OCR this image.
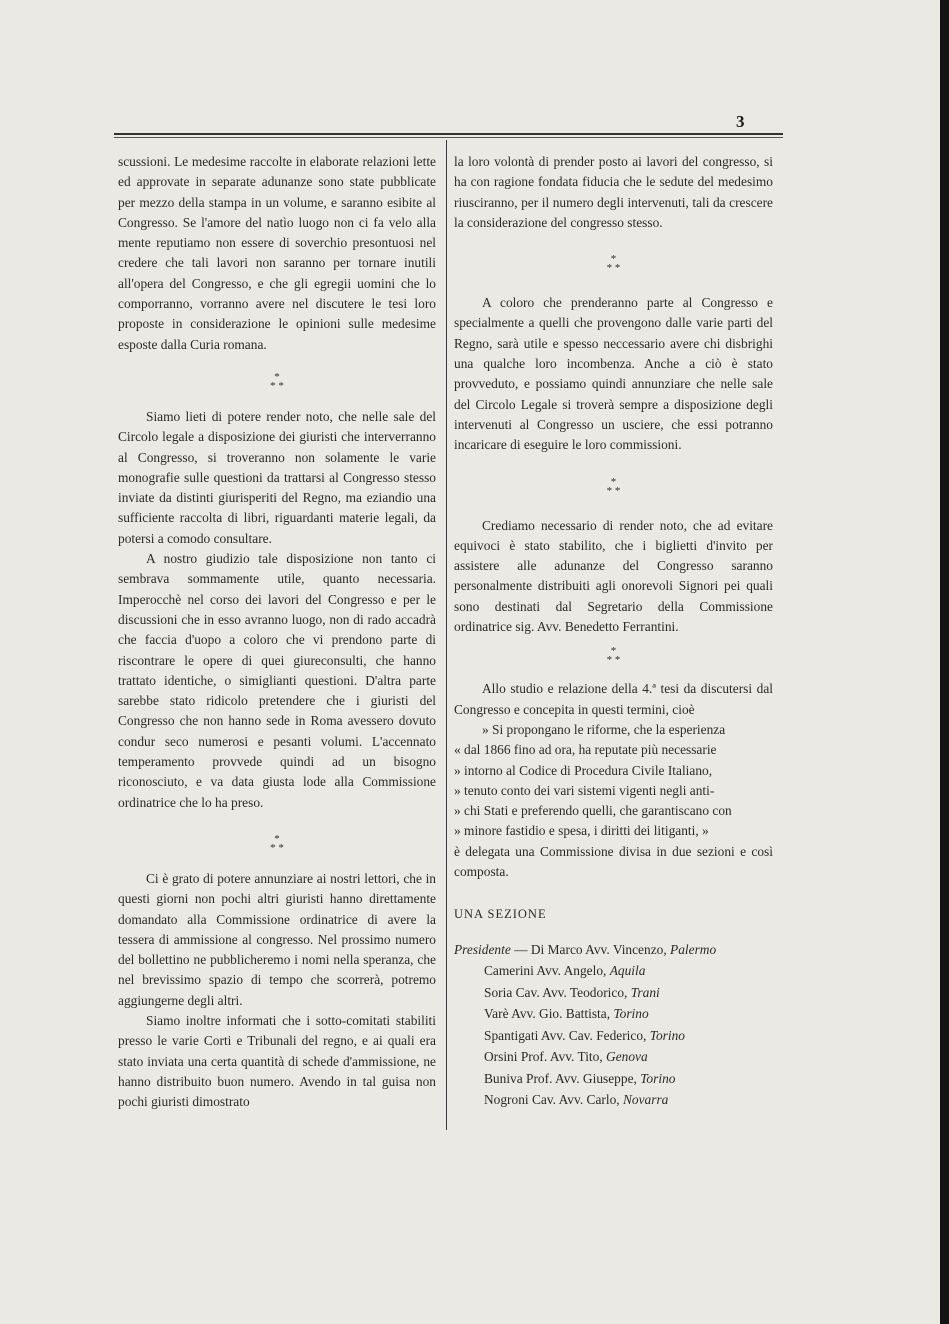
3

scussioni. Le medesime raccolte in elaborate relazioni lette ed approvate in separate adunanze sono state pubblicate per mezzo della stampa in un volume, e saranno esibite al Congresso. Se l'amore del natìo luogo non ci fa velo alla mente reputiamo non essere di soverchio presontuosi nel credere che tali lavori non saranno per tornare inutili all'opera del Congresso, e che gli egregii uomini che lo comporranno, vorranno avere nel discutere le tesi loro proposte in considerazione le opinioni sulle medesime esposte dalla Curia romana.

*
* *

Siamo lieti di potere render noto, che nelle sale del Circolo legale a disposizione dei giuristi che interverranno al Congresso, si troveranno non solamente le varie monografie sulle questioni da trattarsi al Congresso stesso inviate da distinti giurisperiti del Regno, ma eziandio una sufficiente raccolta di libri, riguardanti materie legali, da potersi a comodo consultare.

A nostro giudizio tale disposizione non tanto ci sembrava sommamente utile, quanto necessaria. Imperocchè nel corso dei lavori del Congresso e per le discussioni che in esso avranno luogo, non di rado accadrà che faccia d'uopo a coloro che vi prendono parte di riscontrare le opere di quei giureconsulti, che hanno trattato identiche, o simiglianti questioni. D'altra parte sarebbe stato ridicolo pretendere che i giuristi del Congresso che non hanno sede in Roma avessero dovuto condur seco numerosi e pesanti volumi. L'accennato temperamento provvede quindi ad un bisogno riconosciuto, e va data giusta lode alla Commissione ordinatrice che lo ha preso.

*
* *

Ci è grato di potere annunziare ai nostri lettori, che in questi giorni non pochi altri giuristi hanno direttamente domandato alla Commissione ordinatrice di avere la tessera di ammissione al congresso. Nel prossimo numero del bollettino ne pubblicheremo i nomi nella speranza, che nel brevissimo spazio di tempo che scorrerà, potremo aggiungerne degli altri.

Siamo inoltre informati che i sotto-comitati stabiliti presso le varie Corti e Tribunali del regno, e ai quali era stato inviata una certa quantità di schede d'ammissione, ne hanno distribuito buon numero. Avendo in tal guisa non pochi giuristi dimostrato

la loro volontà di prender posto ai lavori del congresso, si ha con ragione fondata fiducia che le sedute del medesimo riusciranno, per il numero degli intervenuti, tali da crescere la considerazione del congresso stesso.

*
* *

A coloro che prenderanno parte al Congresso e specialmente a quelli che provengono dalle varie parti del Regno, sarà utile e spesso neccessario avere chi disbrighi una qualche loro incombenza. Anche a ciò è stato provveduto, e possiamo quindi annunziare che nelle sale del Circolo Legale si troverà sempre a disposizione degli intervenuti al Congresso un usciere, che essi potranno incaricare di eseguire le loro commissioni.

*
* *

Crediamo necessario di render noto, che ad evitare equivoci è stato stabilito, che i biglietti d'invito per assistere alle adunanze del Congresso saranno personalmente distribuiti agli onorevoli Signori pei quali sono destinati dal Segretario della Commissione ordinatrice sig. Avv. Benedetto Ferrantini.

*
* *

Allo studio e relazione della 4.ª tesi da discutersi dal Congresso e concepita in questi termini, cioè

» Si propongano le riforme, che la esperienza

« dal 1866 fino ad ora, ha reputate più necessarie

» intorno al Codice di Procedura Civile Italiano,

» tenuto conto dei vari sistemi vigenti negli anti-

» chi Stati e preferendo quelli, che garantiscano con

» minore fastidio e spesa, i diritti dei litiganti, »

è delegata una Commissione divisa in due sezioni e così composta.

UNA SEZIONE

Presidente — Di Marco Avv. Vincenzo, Palermo

Camerini Avv. Angelo, Aquila

Soria Cav. Avv. Teodorico, Trani

Varè Avv. Gio. Battista, Torino

Spantigati Avv. Cav. Federico, Torino

Orsini Prof. Avv. Tito, Genova

Buniva Prof. Avv. Giuseppe, Torino

Nogroni Cav. Avv. Carlo, Novarra
